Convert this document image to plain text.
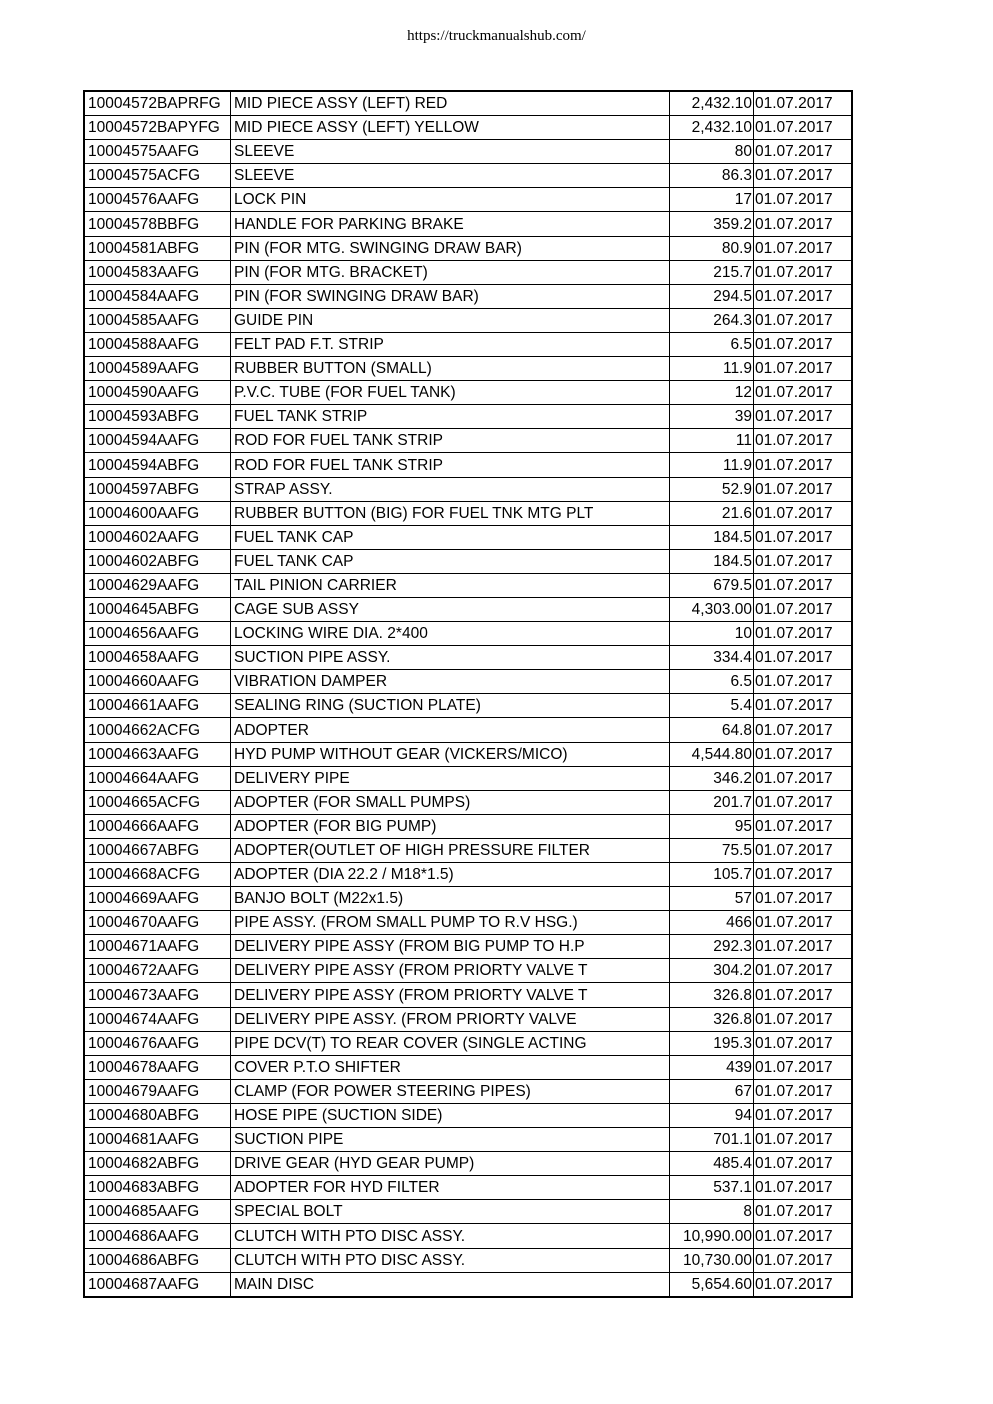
https://truckmanualshub.com/
10004572BAPRFG	MID PIECE ASSY (LEFT) RED	2,432.10	01.07.2017
10004572BAPYFG	MID PIECE ASSY (LEFT) YELLOW	2,432.10	01.07.2017
10004575AAFG	SLEEVE	80	01.07.2017
10004575ACFG	SLEEVE	86.3	01.07.2017
10004576AAFG	LOCK PIN	17	01.07.2017
10004578BBFG	HANDLE FOR PARKING BRAKE	359.2	01.07.2017
10004581ABFG	PIN (FOR MTG. SWINGING DRAW BAR)	80.9	01.07.2017
10004583AAFG	PIN (FOR MTG. BRACKET)	215.7	01.07.2017
10004584AAFG	PIN (FOR SWINGING DRAW BAR)	294.5	01.07.2017
10004585AAFG	GUIDE PIN	264.3	01.07.2017
10004588AAFG	FELT PAD F.T. STRIP	6.5	01.07.2017
10004589AAFG	RUBBER BUTTON (SMALL)	11.9	01.07.2017
10004590AAFG	P.V.C. TUBE (FOR FUEL TANK)	12	01.07.2017
10004593ABFG	FUEL TANK STRIP	39	01.07.2017
10004594AAFG	ROD FOR FUEL TANK STRIP	11	01.07.2017
10004594ABFG	ROD FOR FUEL TANK STRIP	11.9	01.07.2017
10004597ABFG	STRAP ASSY.	52.9	01.07.2017
10004600AAFG	RUBBER BUTTON (BIG) FOR FUEL TNK MTG PLT	21.6	01.07.2017
10004602AAFG	FUEL TANK CAP	184.5	01.07.2017
10004602ABFG	FUEL TANK CAP	184.5	01.07.2017
10004629AAFG	TAIL PINION CARRIER	679.5	01.07.2017
10004645ABFG	CAGE SUB ASSY	4,303.00	01.07.2017
10004656AAFG	LOCKING WIRE DIA. 2*400	10	01.07.2017
10004658AAFG	SUCTION PIPE ASSY.	334.4	01.07.2017
10004660AAFG	VIBRATION DAMPER	6.5	01.07.2017
10004661AAFG	SEALING RING (SUCTION PLATE)	5.4	01.07.2017
10004662ACFG	ADOPTER	64.8	01.07.2017
10004663AAFG	HYD PUMP WITHOUT GEAR (VICKERS/MICO)	4,544.80	01.07.2017
10004664AAFG	DELIVERY PIPE	346.2	01.07.2017
10004665ACFG	ADOPTER (FOR SMALL PUMPS)	201.7	01.07.2017
10004666AAFG	ADOPTER (FOR BIG PUMP)	95	01.07.2017
10004667ABFG	ADOPTER(OUTLET OF HIGH PRESSURE FILTER	75.5	01.07.2017
10004668ACFG	ADOPTER (DIA 22.2 / M18*1.5)	105.7	01.07.2017
10004669AAFG	BANJO BOLT (M22x1.5)	57	01.07.2017
10004670AAFG	PIPE ASSY. (FROM SMALL PUMP TO R.V HSG.)	466	01.07.2017
10004671AAFG	DELIVERY PIPE ASSY (FROM BIG PUMP TO H.P	292.3	01.07.2017
10004672AAFG	DELIVERY PIPE ASSY (FROM PRIORTY VALVE T	304.2	01.07.2017
10004673AAFG	DELIVERY PIPE ASSY (FROM PRIORTY VALVE T	326.8	01.07.2017
10004674AAFG	DELIVERY PIPE ASSY. (FROM PRIORTY VALVE	326.8	01.07.2017
10004676AAFG	PIPE DCV(T) TO REAR COVER (SINGLE ACTING	195.3	01.07.2017
10004678AAFG	COVER P.T.O SHIFTER	439	01.07.2017
10004679AAFG	CLAMP (FOR POWER STEERING PIPES)	67	01.07.2017
10004680ABFG	HOSE PIPE (SUCTION SIDE)	94	01.07.2017
10004681AAFG	SUCTION PIPE	701.1	01.07.2017
10004682ABFG	DRIVE GEAR (HYD GEAR PUMP)	485.4	01.07.2017
10004683ABFG	ADOPTER FOR HYD FILTER	537.1	01.07.2017
10004685AAFG	SPECIAL BOLT	8	01.07.2017
10004686AAFG	CLUTCH WITH PTO DISC ASSY.	10,990.00	01.07.2017
10004686ABFG	CLUTCH WITH PTO DISC ASSY.	10,730.00	01.07.2017
10004687AAFG	MAIN DISC	5,654.60	01.07.2017
